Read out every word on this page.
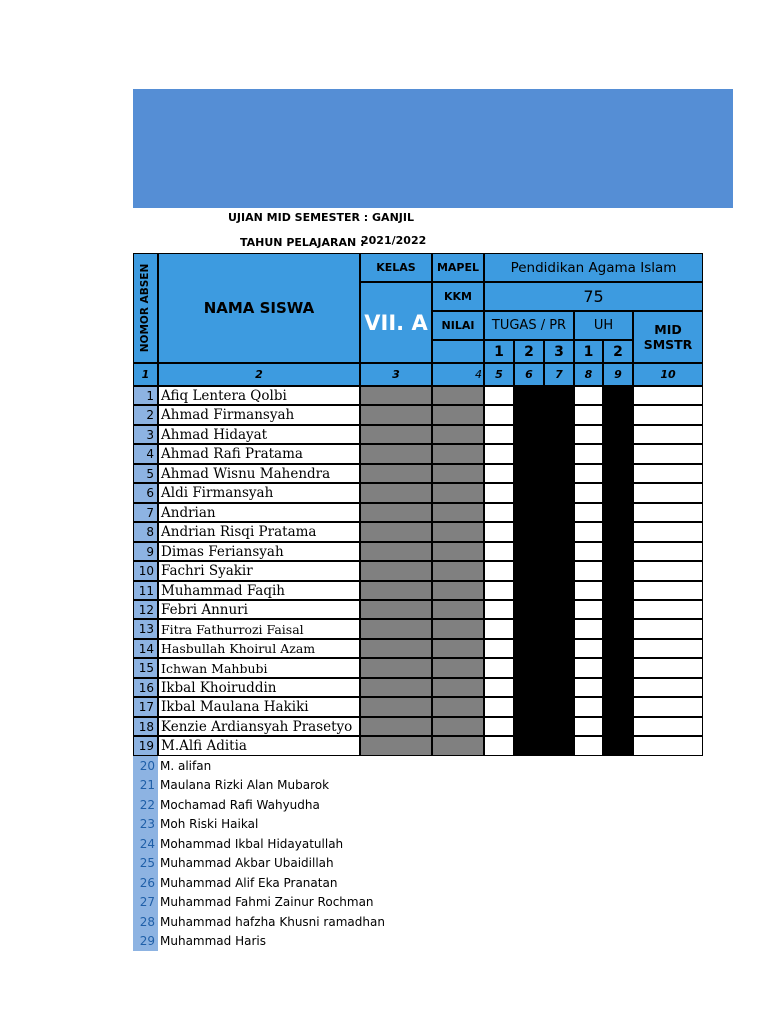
UJIAN MID SEMESTER : GANJIL
TAHUN PELAJARAN :
2021/2022
NOMOR ABSEN	NAMA SISWA
KELAS
VII. A
MAPEL	Pendidikan Agama Islam
KKM	75
NILAI	TUGAS / PR	UH	MID SMSTR
1	2	3	1	2
1	2	3	4	5	6	7	8	9	10
1 Afiq Lentera Qolbi
2 Ahmad Firmansyah
3 Ahmad Hidayat
4 Ahmad Rafi Pratama
5 Ahmad Wisnu Mahendra
6 Aldi Firmansyah
7 Andrian
8 Andrian Risqi Pratama
9 Dimas Feriansyah
10 Fachri Syakir
11 Muhammad Faqih
12 Febri Annuri
13 Fitra Fathurrozi Faisal
14 Hasbullah Khoirul Azam
15 Ichwan Mahbubi
16 Ikbal Khoiruddin
17 Ikbal Maulana Hakiki
18 Kenzie Ardiansyah Prasetyo
19 M.Alfi Aditia
20 M. alifan
21 Maulana Rizki Alan Mubarok
22 Mochamad Rafi Wahyudha
23 Moh Riski Haikal
24 Mohammad Ikbal Hidayatullah
25 Muhammad Akbar Ubaidillah
26 Muhammad Alif Eka Pranatan
27 Muhammad Fahmi Zainur Rochman
28 Muhammad hafzha Khusni ramadhan
29 Muhammad Haris
